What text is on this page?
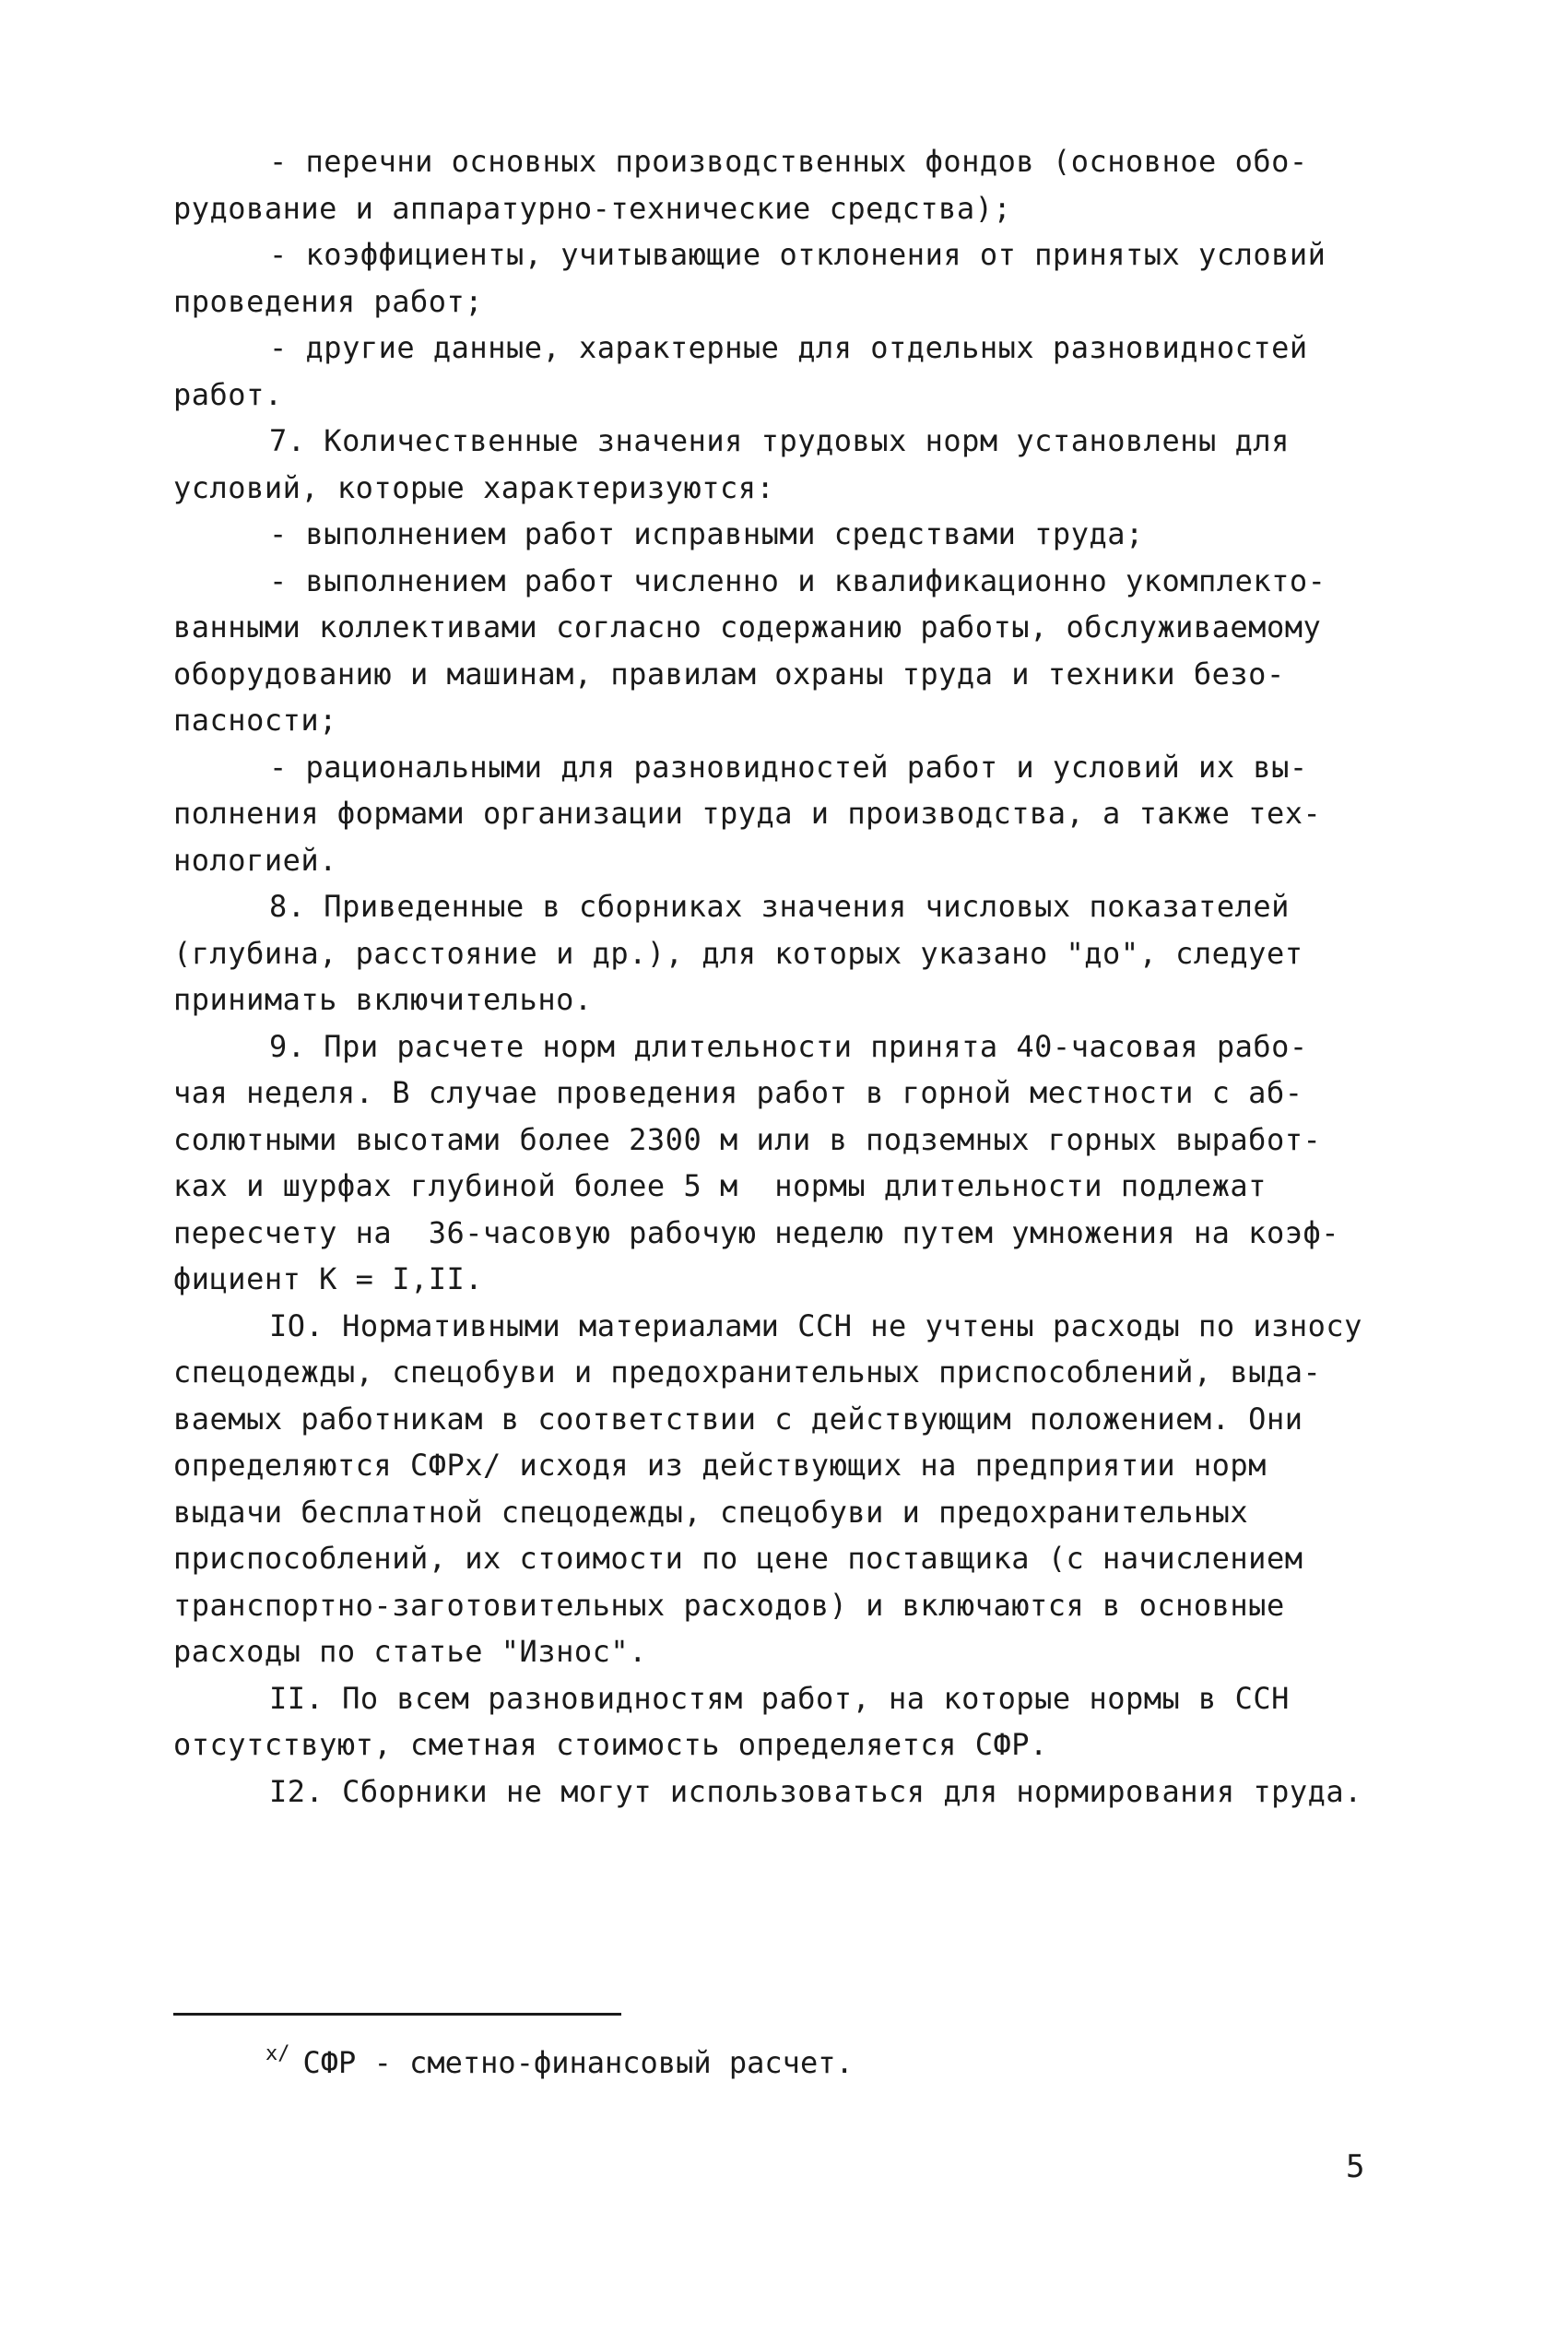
- перечни основных производственных фондов (основное обо-
рудование и аппаратурно-технические средства);
- коэффициенты, учитывающие отклонения от принятых условий
проведения работ;
- другие данные, характерные для отдельных разновидностей
работ.
7. Количественные значения трудовых норм установлены для
условий, которые характеризуются:
- выполнением работ исправными средствами труда;
- выполнением работ численно и квалификационно укомплекто-
ванными коллективами согласно содержанию работы, обслуживаемому
оборудованию и машинам, правилам охраны труда и техники безо-
пасности;
- рациональными для разновидностей работ и условий их вы-
полнения формами организации труда и производства, а также тех-
нологией.
8. Приведенные в сборниках значения числовых показателей
(глубина, расстояние и др.), для которых указано "до", следует
принимать включительно.
9. При расчете норм длительности принята 40-часовая рабо-
чая неделя. В случае проведения работ в горной местности с аб-
солютными высотами более 2300 м или в подземных горных выработ-
ках и шурфах глубиной более 5 м  нормы длительности подлежат
пересчету на  36-часовую рабочую неделю путем умножения на коэф-
фициент К = I,II.
IO. Нормативными материалами ССН не учтены расходы по износу
спецодежды, спецобуви и предохранительных приспособлений, выда-
ваемых работникам в соответствии с действующим положением. Они
определяются СФРх/ исходя из действующих на предприятии норм
выдачи бесплатной спецодежды, спецобуви и предохранительных
приспособлений, их стоимости по цене поставщика (с начислением
транспортно-заготовительных расходов) и включаются в основные
расходы по статье "Износ".
II. По всем разновидностям работ, на которые нормы в ССН
отсутствуют, сметная стоимость определяется СФР.
I2. Сборники не могут использоваться для нормирования труда.
$^{х/}$ СФР - сметно-финансовый расчет.
5
